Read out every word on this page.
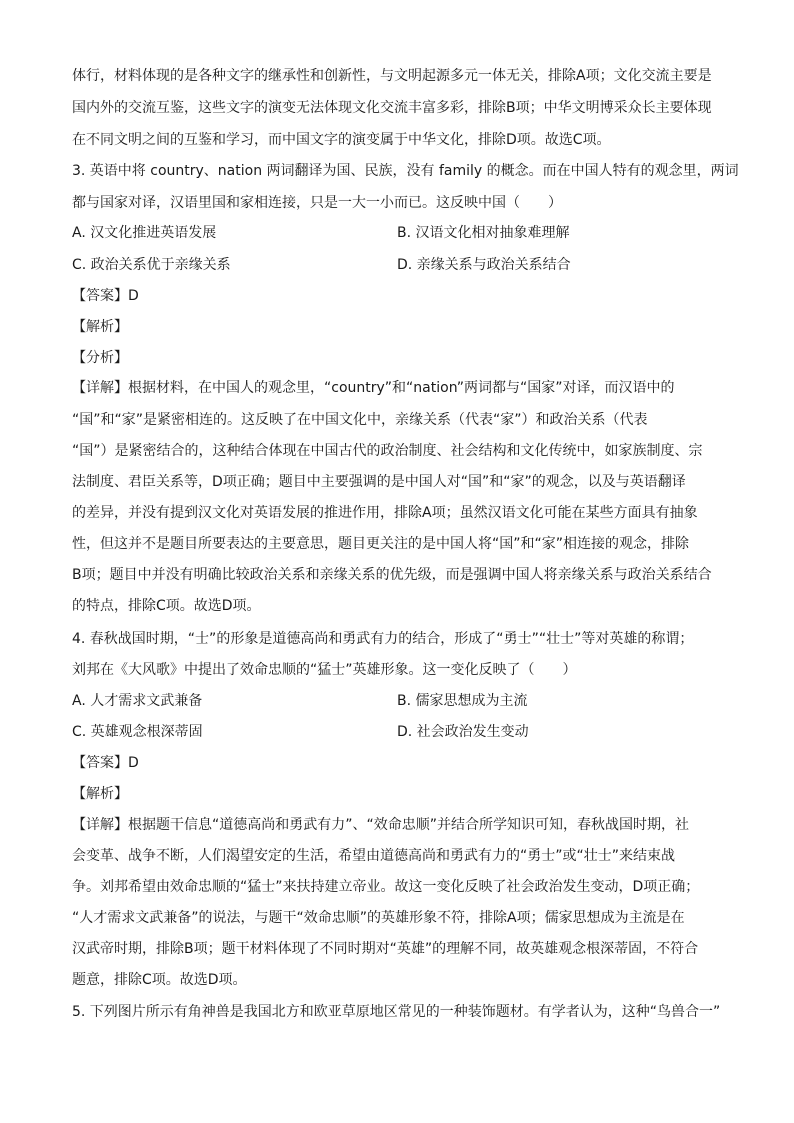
体行，材料体现的是各种文字的继承性和创新性，与文明起源多元一体无关，排除A项；文化交流主要是
国内外的交流互鉴，这些文字的演变无法体现文化交流丰富多彩，排除B项；中华文明博采众长主要体现
在不同文明之间的互鉴和学习，而中国文字的演变属于中华文化，排除D项。故选C项。
3. 英语中将 country、nation 两词翻译为国、民族，没有 family 的概念。而在中国人特有的观念里，两词
都与国家对译，汉语里国和家相连接，只是一大一小而已。这反映中国（　　）
A. 汉文化推进英语发展	B. 汉语文化相对抽象难理解
C. 政治关系优于亲缘关系	D. 亲缘关系与政治关系结合
【答案】D
【解析】
【分析】
【详解】根据材料，在中国人的观念里，“country”和“nation”两词都与“国家”对译，而汉语中的
“国”和“家”是紧密相连的。这反映了在中国文化中，亲缘关系（代表“家”）和政治关系（代表
“国”）是紧密结合的，这种结合体现在中国古代的政治制度、社会结构和文化传统中，如家族制度、宗
法制度、君臣关系等，D项正确；题目中主要强调的是中国人对“国”和“家”的观念，以及与英语翻译
的差异，并没有提到汉文化对英语发展的推进作用，排除A项；虽然汉语文化可能在某些方面具有抽象
性，但这并不是题目所要表达的主要意思，题目更关注的是中国人将“国”和“家”相连接的观念，排除
B项；题目中并没有明确比较政治关系和亲缘关系的优先级，而是强调中国人将亲缘关系与政治关系结合
的特点，排除C项。故选D项。
4. 春秋战国时期，“士”的形象是道德高尚和勇武有力的结合，形成了“勇士”“壮士”等对英雄的称谓；
刘邦在《大风歌》中提出了效命忠顺的“猛士”英雄形象。这一变化反映了（　　）
A. 人才需求文武兼备	B. 儒家思想成为主流
C. 英雄观念根深蒂固	D. 社会政治发生变动
【答案】D
【解析】
【详解】根据题干信息“道德高尚和勇武有力”、“效命忠顺”并结合所学知识可知，春秋战国时期，社
会变革、战争不断，人们渴望安定的生活，希望由道德高尚和勇武有力的“勇士”或“壮士”来结束战
争。刘邦希望由效命忠顺的“猛士”来扶持建立帝业。故这一变化反映了社会政治发生变动，D项正确；
“人才需求文武兼备”的说法，与题干“效命忠顺”的英雄形象不符，排除A项；儒家思想成为主流是在
汉武帝时期，排除B项；题干材料体现了不同时期对“英雄”的理解不同，故英雄观念根深蒂固，不符合
题意，排除C项。故选D项。
5. 下列图片所示有角神兽是我国北方和欧亚草原地区常见的一种装饰题材。有学者认为，这种“鸟兽合一”
